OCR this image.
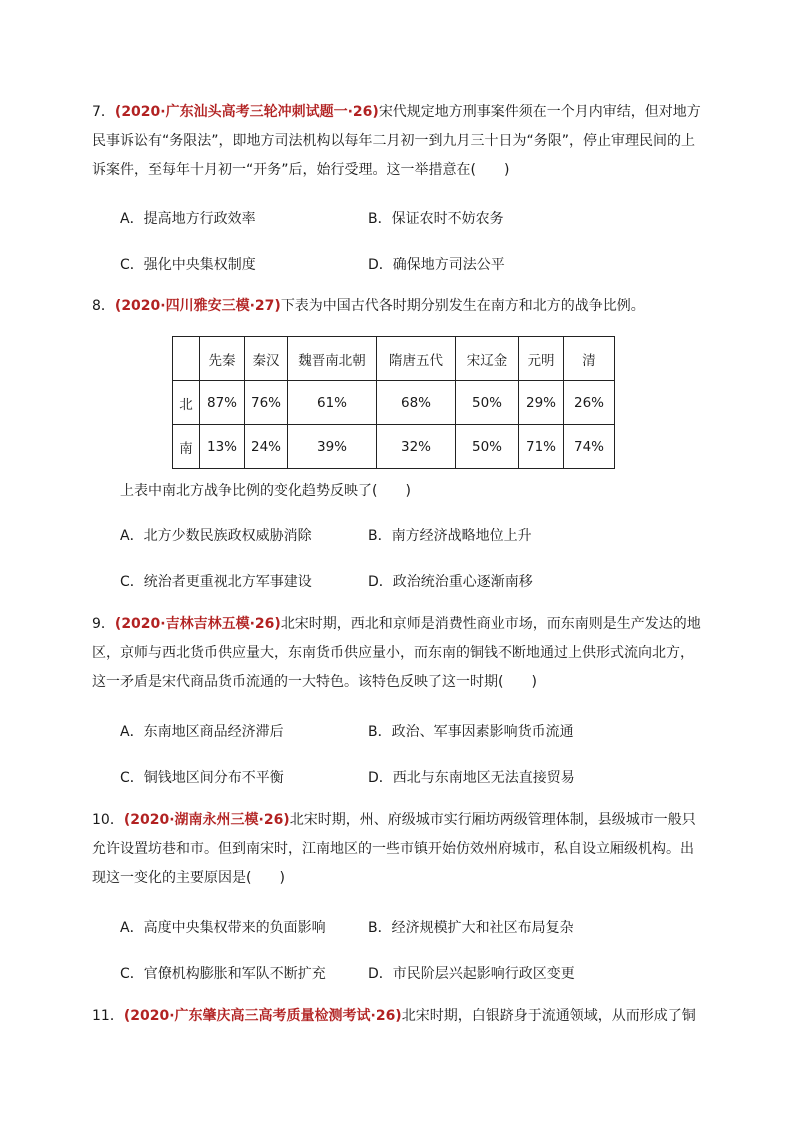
7．(2020·广东汕头高考三轮冲刺试题一·26)宋代规定地方刑事案件须在一个月内审结，但对地方民事诉讼有“务限法”，即地方司法机构以每年二月初一到九月三十日为“务限”，停止审理民间的上诉案件，至每年十月初一“开务”后，始行受理。这一举措意在(　　)
A．提高地方行政效率	B．保证农时不妨农务
C．强化中央集权制度	D．确保地方司法公平
8．(2020·四川雅安三模·27)下表为中国古代各时期分别发生在南方和北方的战争比例。
	先秦	秦汉	魏晋南北朝	隋唐五代	宋辽金	元明	清
北	87%	76%	61%	68%	50%	29%	26%
南	13%	24%	39%	32%	50%	71%	74%
上表中南北方战争比例的变化趋势反映了(　　)
A．北方少数民族政权威胁消除	B．南方经济战略地位上升
C．统治者更重视北方军事建设	D．政治统治重心逐渐南移
9．(2020·吉林吉林五模·26)北宋时期，西北和京师是消费性商业市场，而东南则是生产发达的地区，京师与西北货币供应量大，东南货币供应量小，而东南的铜钱不断地通过上供形式流向北方，这一矛盾是宋代商品货币流通的一大特色。该特色反映了这一时期(　　)
A．东南地区商品经济滞后	B．政治、军事因素影响货币流通
C．铜钱地区间分布不平衡	D．西北与东南地区无法直接贸易
10．(2020·湖南永州三模·26)北宋时期，州、府级城市实行厢坊两级管理体制，县级城市一般只允许设置坊巷和市。但到南宋时，江南地区的一些市镇开始仿效州府城市，私自设立厢级机构。出现这一变化的主要原因是(　　)
A．高度中央集权带来的负面影响	B．经济规模扩大和社区布局复杂
C．官僚机构膨胀和军队不断扩充	D．市民阶层兴起影响行政区变更
11．(2020·广东肇庆高三高考质量检测考试·26)北宋时期，白银跻身于流通领域，从而形成了铜
